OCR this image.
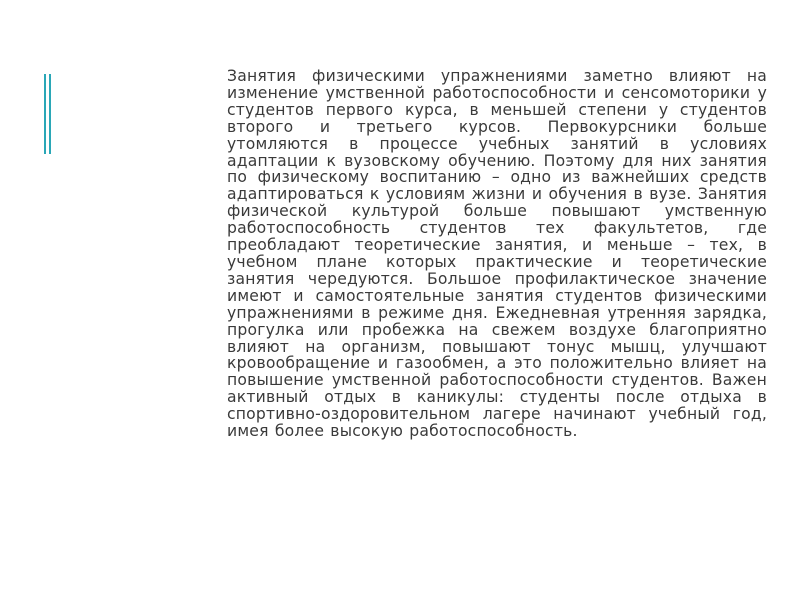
Занятия физическими упражнениями заметно влияют на изменение умственной работоспособности и сенсомоторики у студентов первого курса, в меньшей степени у студентов второго и третьего курсов. Первокурсники больше утомляются в процессе учебных занятий в условиях адаптации к вузовскому обучению. Поэтому для них занятия по физическому воспитанию – одно из важнейших средств адаптироваться к условиям жизни и обучения в вузе. Занятия физической культурой больше повышают умственную работоспособность студентов тех факультетов, где преобладают теоретические занятия, и меньше – тех, в учебном плане которых практические и теоретические занятия чередуются. Большое профилактическое значение имеют и самостоятельные занятия студентов физическими упражнениями в режиме дня. Ежедневная утренняя зарядка, прогулка или пробежка на свежем воздухе благоприятно влияют на организм, повышают тонус мышц, улучшают кровообращение и газообмен, а это положительно влияет на повышение умственной работоспособности студентов. Важен активный отдых в каникулы: студенты после отдыха в спортивно-оздоровительном лагере начинают учебный год, имея более высокую работоспособность.
